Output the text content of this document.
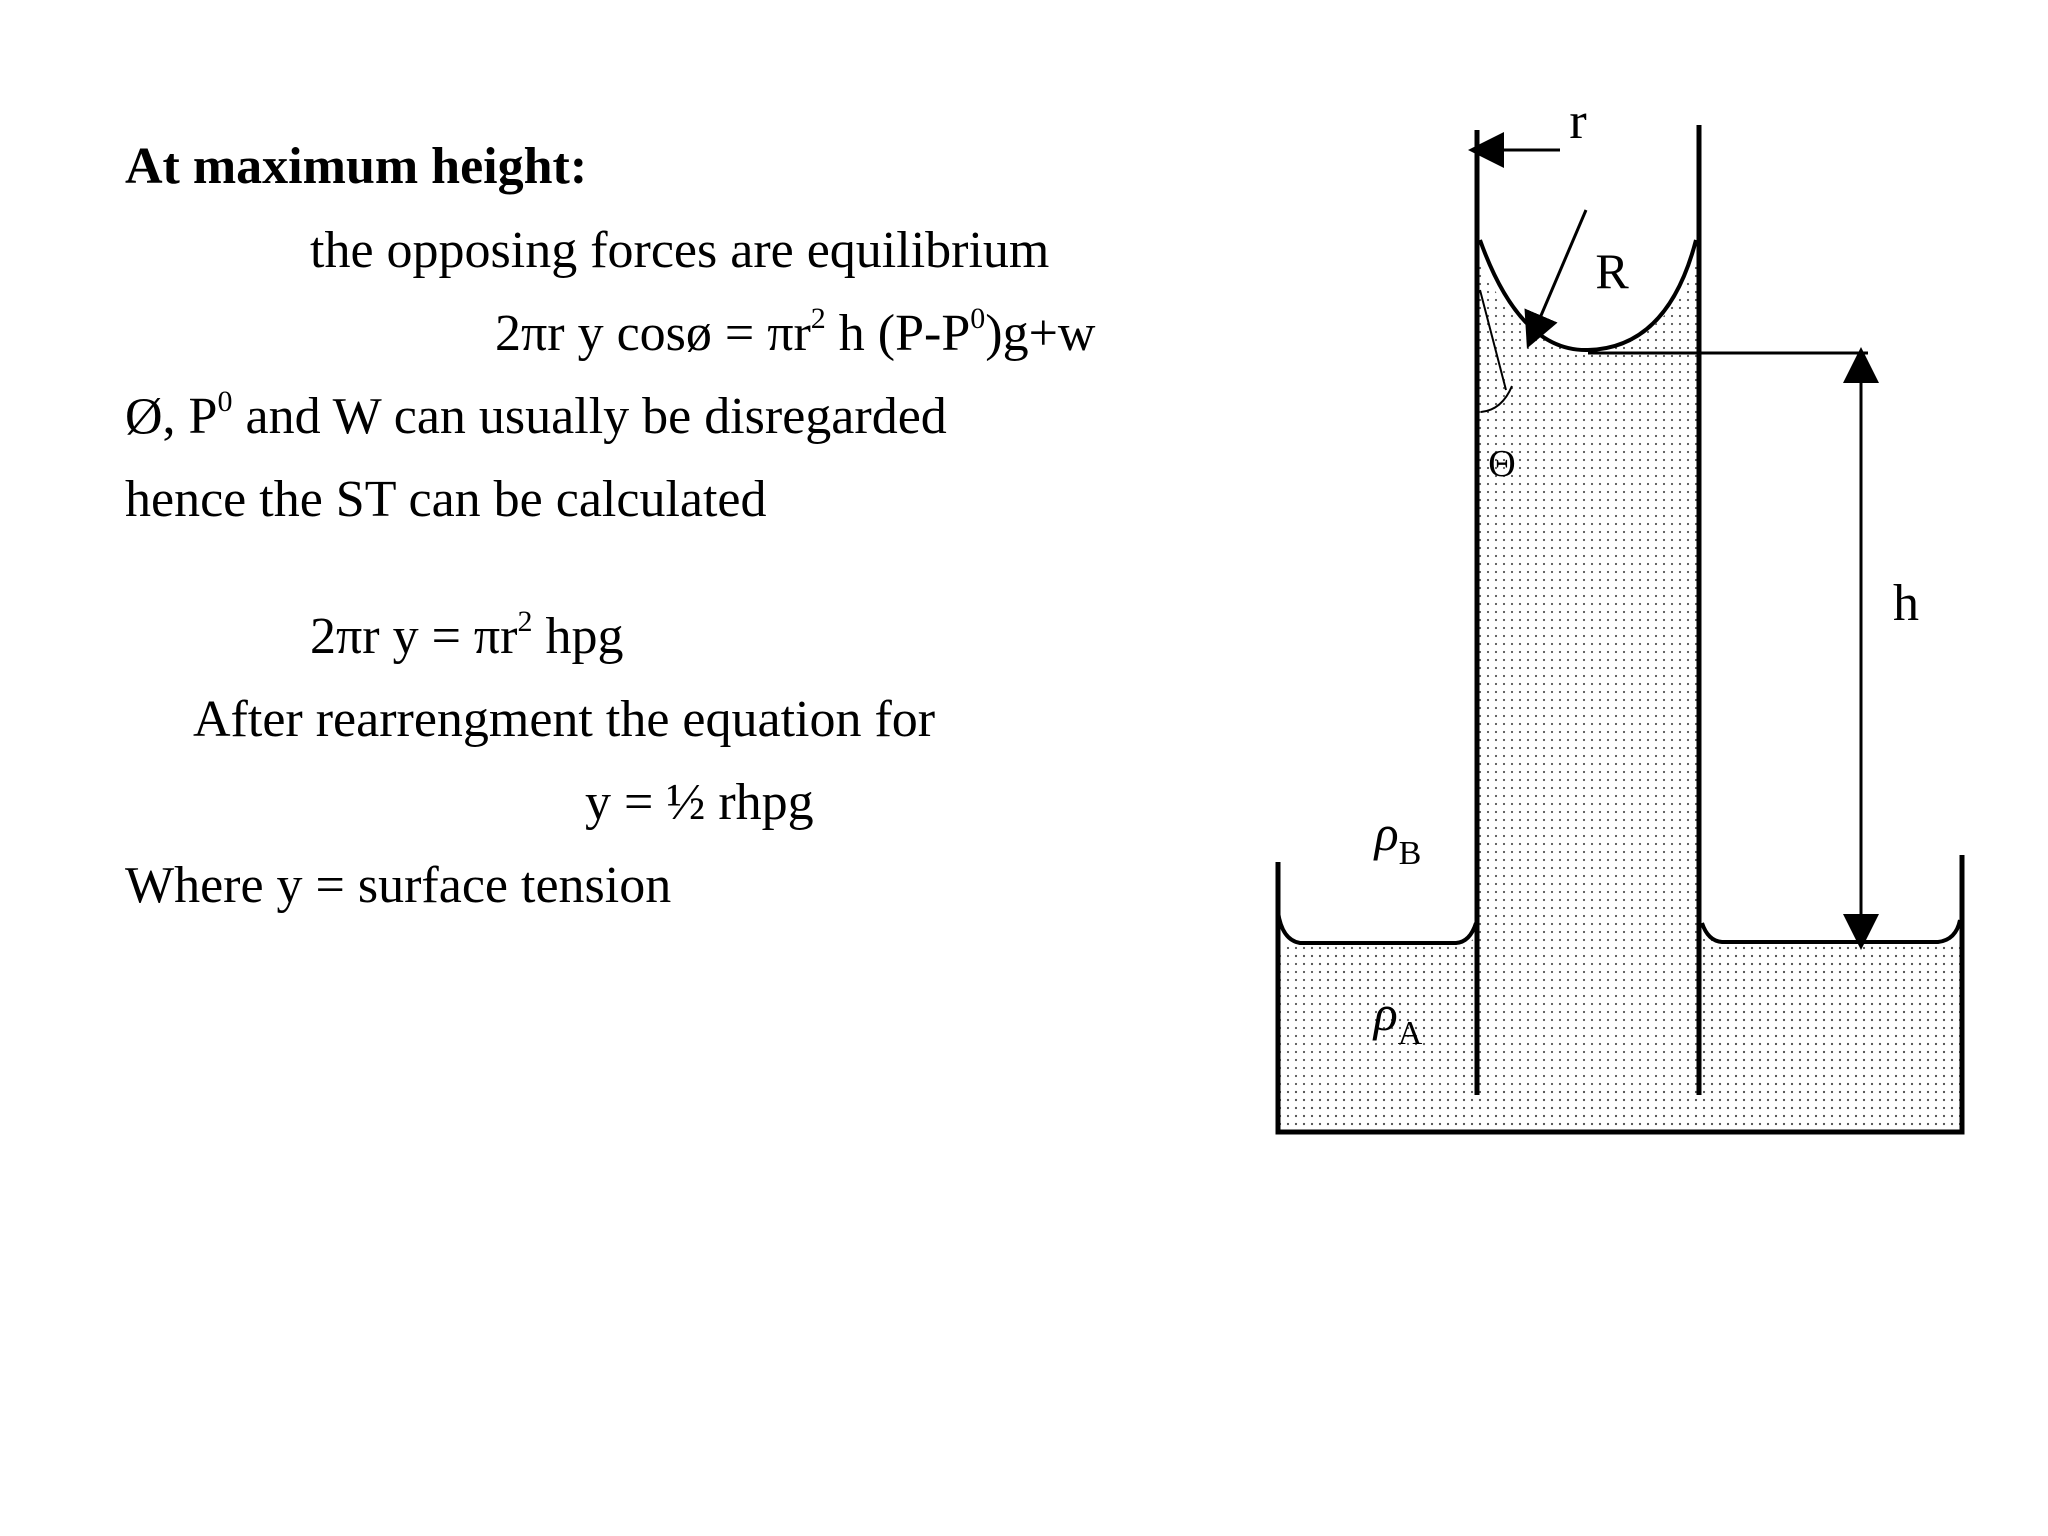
At maximum height:
the opposing forces are equilibrium
2πr y cosø = $\pi r^2$ h $(P-P^0)g+w$
Ø, $P^0$ and W can usually be disregarded
hence the ST can be calculated
2πr $y = \pi r^2$ hpg
After rearrengment the equation for
y = ½ rhpg
Where y = surface tension
r
R
Θ
h
$\rho_B$
$\rho_A$
